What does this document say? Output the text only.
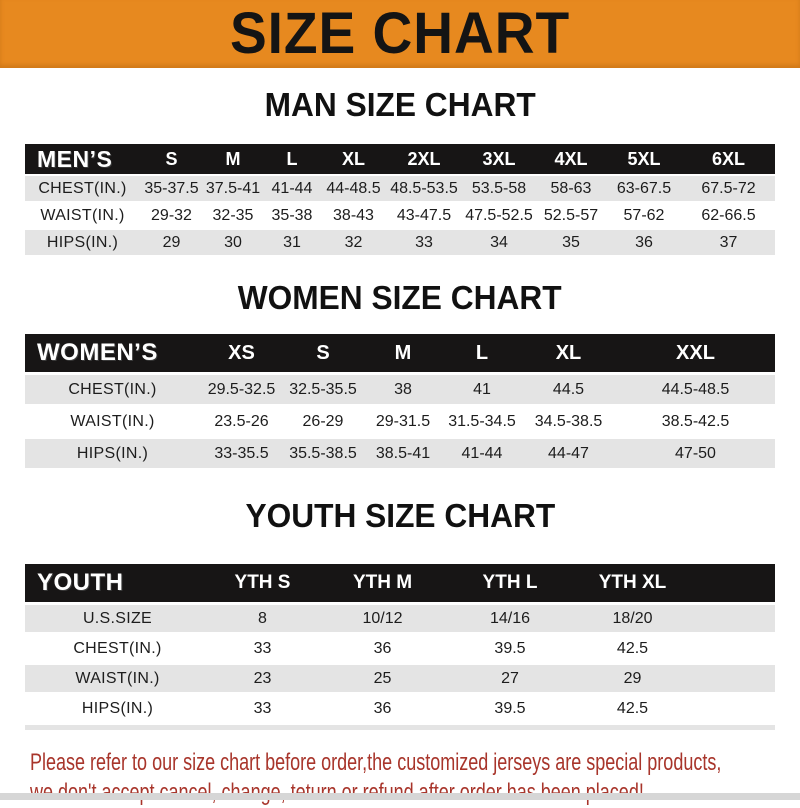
SIZE CHART
MAN SIZE CHART
MEN’S	S	M	L	XL	2XL	3XL	4XL	5XL	6XL
CHEST(IN.)	35-37.5	37.5-41	41-44	44-48.5	48.5-53.5	53.5-58	58-63	63-67.5	67.5-72
WAIST(IN.)	29-32	32-35	35-38	38-43	43-47.5	47.5-52.5	52.5-57	57-62	62-66.5
HIPS(IN.)	29	30	31	32	33	34	35	36	37
WOMEN SIZE CHART
WOMEN’S	XS	S	M	L	XL	XXL
CHEST(IN.)	29.5-32.5	32.5-35.5	38	41	44.5	44.5-48.5
WAIST(IN.)	23.5-26	26-29	29-31.5	31.5-34.5	34.5-38.5	38.5-42.5
HIPS(IN.)	33-35.5	35.5-38.5	38.5-41	41-44	44-47	47-50
YOUTH SIZE CHART
YOUTH	YTH S	YTH M	YTH L	YTH XL	
U.S.SIZE	8	10/12	14/16	18/20	
CHEST(IN.)	33	36	39.5	42.5	
WAIST(IN.)	23	25	27	29	
HIPS(IN.)	33	36	39.5	42.5	
Please refer to our size chart before order,the customized jerseys are special products,
